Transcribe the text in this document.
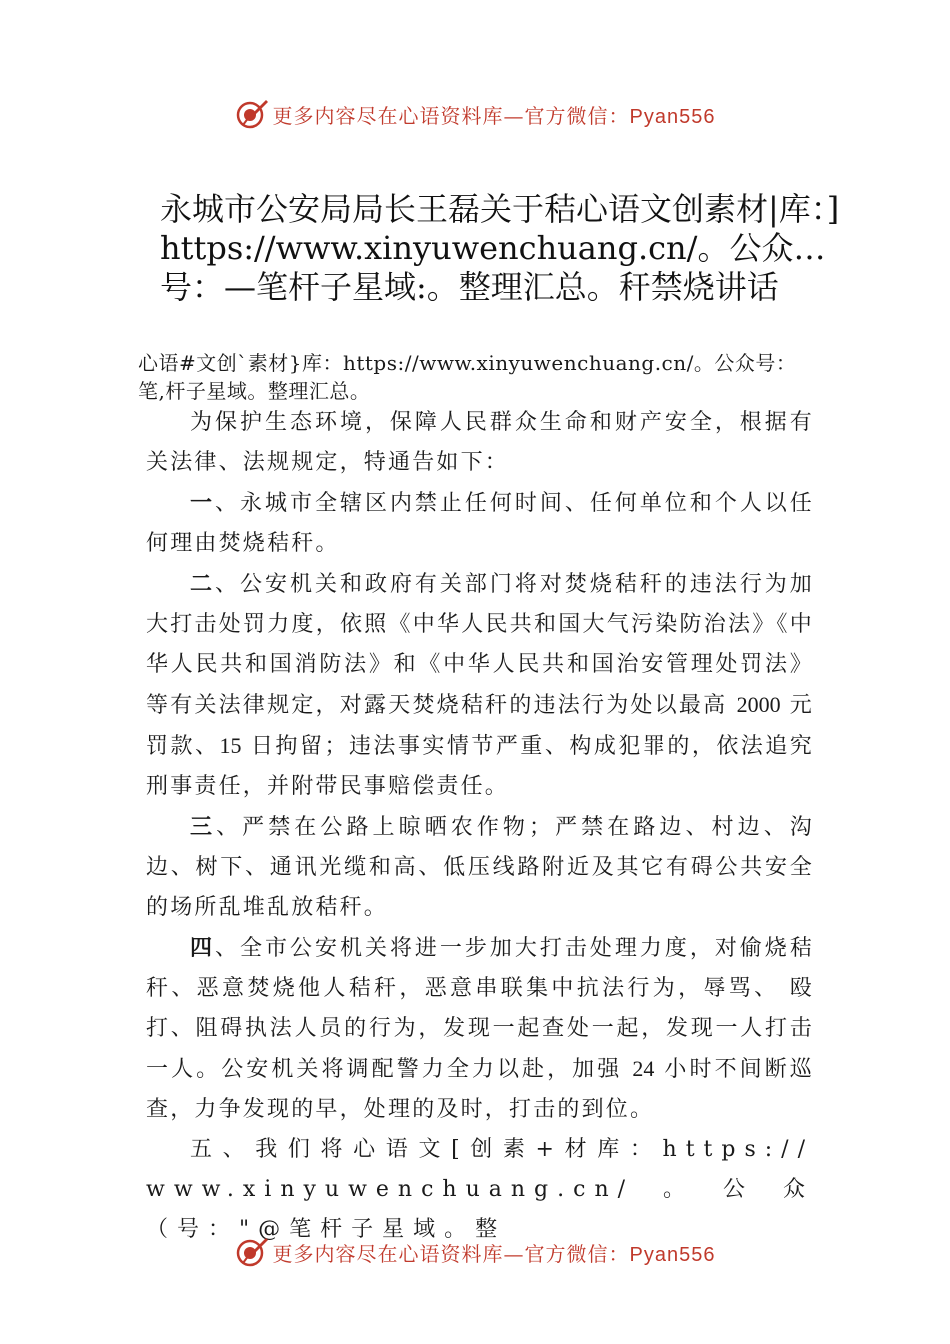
更多内容尽在心语资料库—官方微信：Pyan556
永城市公安局局长王磊关于秸心语文创素材|库：]https://www.xinyuwenchuang.cn/。公众…号：—笔杆子星域:。整理汇总。秆禁烧讲话

心语#文创`素材}库：https://www.xinyuwenchuang.cn/。公众号：笔,杆子星域。整理汇总。

为保护生态环境，保障人民群众生命和财产安全，根据有关法律、法规规定，特通告如下：

一、永城市全辖区内禁止任何时间、任何单位和个人以任何理由焚烧秸秆。

二、公安机关和政府有关部门将对焚烧秸秆的违法行为加大打击处罚力度，依照《中华人民共和国大气污染防治法》《中华人民共和国消防法》和《中华人民共和国治安管理处罚法》等有关法律规定，对露天焚烧秸秆的违法行为处以最高 2000 元罚款、15 日拘留；违法事实情节严重、构成犯罪的，依法追究刑事责任，并附带民事赔偿责任。

三、严禁在公路上晾晒农作物；严禁在路边、村边、沟边、树下、通讯光缆和高、低压线路附近及其它有碍公共安全的场所乱堆乱放秸秆。

四、全市公安机关将进一步加大打击处理力度，对偷烧秸秆、恶意焚烧他人秸秆，恶意串联集中抗法行为，辱骂、 殴打、阻碍执法人员的行为，发现一起查处一起，发现一人打击一人。公安机关将调配警力全力以赴，加强 24 小时不间断巡查，力争发现的早，处理的及时，打击的到位。

五、我们将心语文[创素+材库：https://www.xinyuwenchuang.cn/。公众（号："@笔杆子星域。整

更多内容尽在心语资料库—官方微信：Pyan556
